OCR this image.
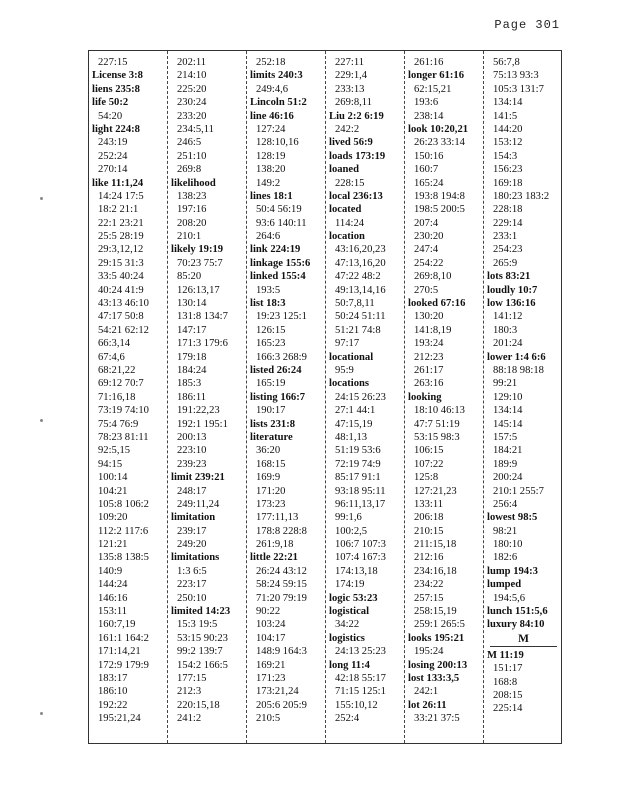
Page 301
227:15
License 3:8
liens 235:8
life 50:2
54:20
light 224:8
243:19
252:24
270:14
like 11:1,24
14:24 17:5
18:2 21:1
22:1 23:21
25:5 28:19
29:3,12,12
29:15 31:3
33:5 40:24
40:24 41:9
43:13 46:10
47:17 50:8
54:21 62:12
66:3,14
67:4,6
68:21,22
69:12 70:7
71:16,18
73:19 74:10
75:4 76:9
78:23 81:11
92:5,15
94:15
100:14
104:21
105:8 106:2
109:20
112:2 117:6
121:21
135:8 138:5
140:9
144:24
146:16
153:11
160:7,19
161:1 164:2
171:14,21
172:9 179:9
183:17
186:10
192:22
195:21,24
202:11
214:10
225:20
230:24
233:20
234:5,11
246:5
251:10
269:8
likelihood
138:23
197:16
208:20
210:1
likely 19:19
70:23 75:7
85:20
126:13,17
130:14
131:8 134:7
147:17
171:3 179:6
179:18
184:24
185:3
186:11
191:22,23
192:1 195:1
200:13
223:10
239:23
limit 239:21
248:17
249:11,24
limitation
239:17
249:20
limitations
1:3 6:5
223:17
250:10
limited 14:23
15:3 19:5
53:15 90:23
99:2 139:7
154:2 166:5
177:15
212:3
220:15,18
241:2
252:18
limits 240:3
249:4,6
Lincoln 51:2
line 46:16
127:24
128:10,16
128:19
138:20
149:2
lines 18:1
50:4 56:19
93:6 140:11
264:6
link 224:19
linkage 155:6
linked 155:4
193:5
list 18:3
19:23 125:1
126:15
165:23
166:3 268:9
listed 26:24
165:19
listing 166:7
190:17
lists 231:8
literature
36:20
168:15
169:9
171:20
173:23
177:11,13
178:8 228:8
261:9,18
little 22:21
26:24 43:12
58:24 59:15
71:20 79:19
90:22
103:24
104:17
148:9 164:3
169:21
171:23
173:21,24
205:6 205:9
210:5
227:11
229:1,4
233:13
269:8,11
Liu 2:2 6:19
242:2
lived 56:9
loads 173:19
loaned
228:15
local 236:13
located
114:24
location
43:16,20,23
47:13,16,20
47:22 48:2
49:13,14,16
50:7,8,11
50:24 51:11
51:21 74:8
97:17
locational
95:9
locations
24:15 26:23
27:1 44:1
47:15,19
48:1,13
51:19 53:6
72:19 74:9
85:17 91:1
93:18 95:11
96:11,13,17
99:1,6
100:2,5
106:7 107:3
107:4 167:3
174:13,18
174:19
logic 53:23
logistical
34:22
logistics
24:13 25:23
long 11:4
42:18 55:17
71:15 125:1
155:10,12
252:4
261:16
longer 61:16
62:15,21
193:6
238:14
look 10:20,21
26:23 33:14
150:16
160:7
165:24
193:8 194:8
198:5 200:5
207:4
230:20
247:4
254:22
269:8,10
270:5
looked 67:16
130:20
141:8,19
193:24
212:23
261:17
263:16
looking
18:10 46:13
47:7 51:19
53:15 98:3
106:15
107:22
125:8
127:21,23
133:11
206:18
210:15
211:15,18
212:16
234:16,18
234:22
257:15
258:15,19
259:1 265:5
looks 195:21
195:24
losing 200:13
lost 133:3,5
242:1
lot 26:11
33:21 37:5
56:7,8
75:13 93:3
105:3 131:7
134:14
141:5
144:20
153:12
154:3
156:23
169:18
180:23 183:2
228:18
229:14
233:1
254:23
265:9
lots 83:21
loudly 10:7
low 136:16
141:12
180:3
201:24
lower 1:4 6:6
88:18 98:18
99:21
129:10
134:14
145:14
157:5
184:21
189:9
200:24
210:1 255:7
256:4
lowest 98:5
98:21
180:10
182:6
lump 194:3
lumped
194:5,6
lunch 151:5,6
luxury 84:10
M
M 11:19
151:17
168:8
208:15
225:14
